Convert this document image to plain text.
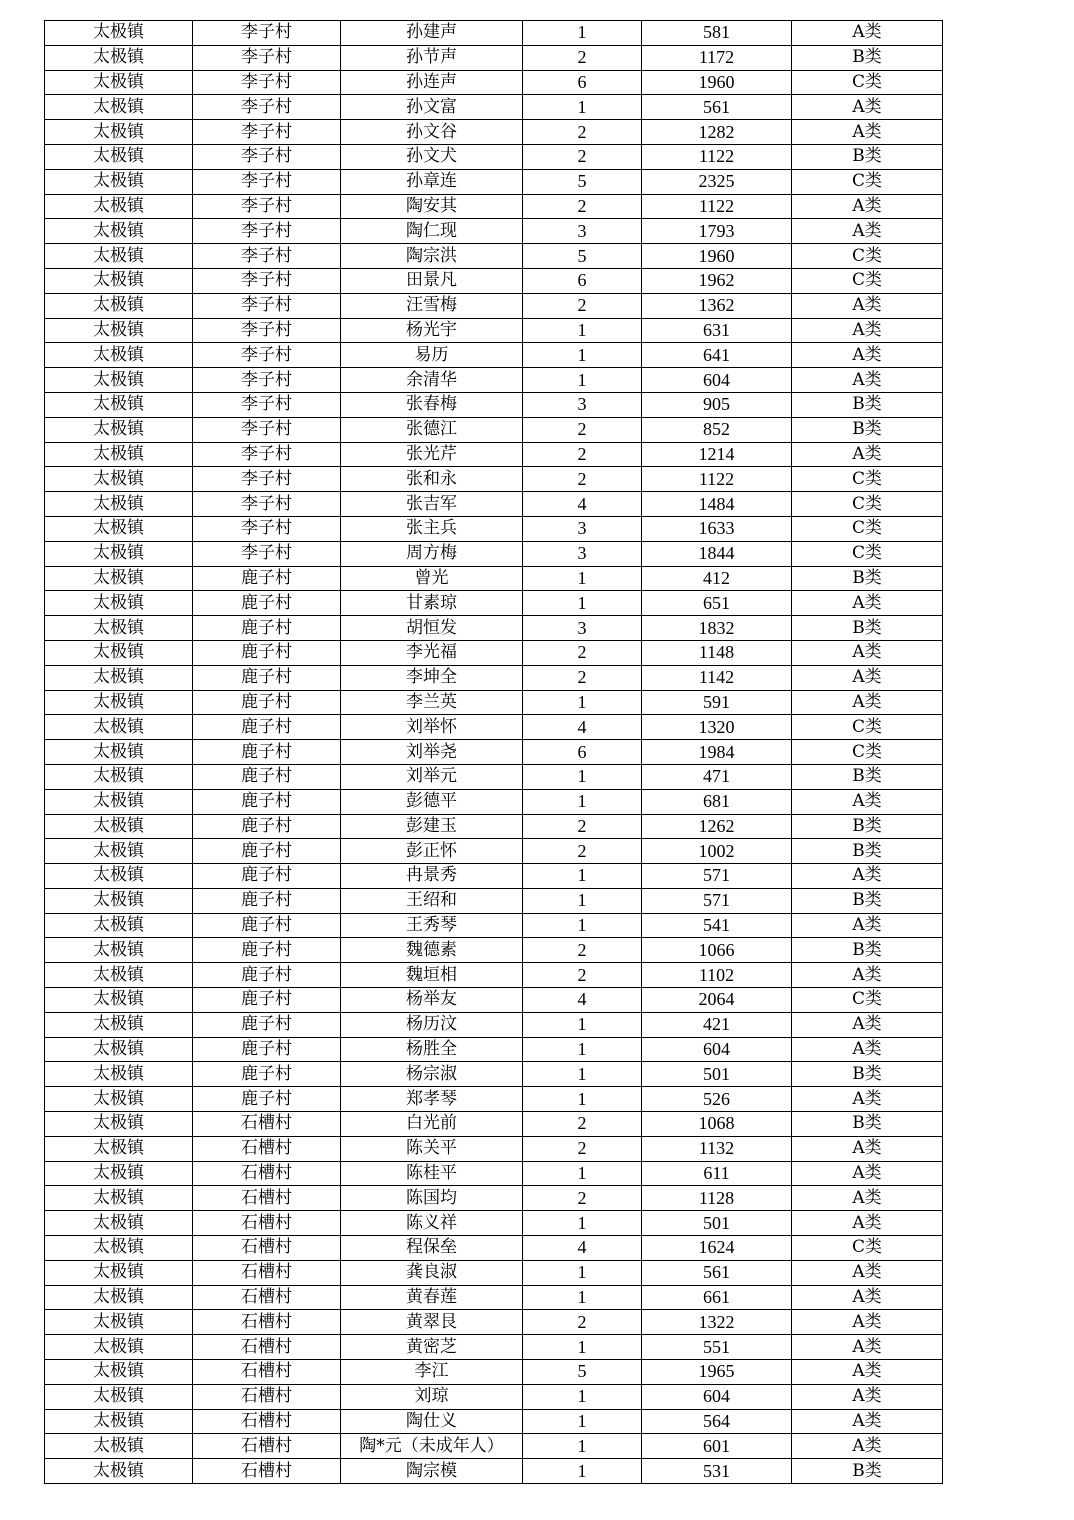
太极镇	李子村	孙建声	1	581	A类
太极镇	李子村	孙节声	2	1172	B类
太极镇	李子村	孙连声	6	1960	C类
太极镇	李子村	孙文富	1	561	A类
太极镇	李子村	孙文谷	2	1282	A类
太极镇	李子村	孙文犬	2	1122	B类
太极镇	李子村	孙章连	5	2325	C类
太极镇	李子村	陶安其	2	1122	A类
太极镇	李子村	陶仁现	3	1793	A类
太极镇	李子村	陶宗洪	5	1960	C类
太极镇	李子村	田景凡	6	1962	C类
太极镇	李子村	汪雪梅	2	1362	A类
太极镇	李子村	杨光宇	1	631	A类
太极镇	李子村	易历	1	641	A类
太极镇	李子村	余清华	1	604	A类
太极镇	李子村	张春梅	3	905	B类
太极镇	李子村	张德江	2	852	B类
太极镇	李子村	张光芹	2	1214	A类
太极镇	李子村	张和永	2	1122	C类
太极镇	李子村	张吉军	4	1484	C类
太极镇	李子村	张主兵	3	1633	C类
太极镇	李子村	周方梅	3	1844	C类
太极镇	鹿子村	曾光	1	412	B类
太极镇	鹿子村	甘素琼	1	651	A类
太极镇	鹿子村	胡恒发	3	1832	B类
太极镇	鹿子村	李光福	2	1148	A类
太极镇	鹿子村	李坤全	2	1142	A类
太极镇	鹿子村	李兰英	1	591	A类
太极镇	鹿子村	刘举怀	4	1320	C类
太极镇	鹿子村	刘举尧	6	1984	C类
太极镇	鹿子村	刘举元	1	471	B类
太极镇	鹿子村	彭德平	1	681	A类
太极镇	鹿子村	彭建玉	2	1262	B类
太极镇	鹿子村	彭正怀	2	1002	B类
太极镇	鹿子村	冉景秀	1	571	A类
太极镇	鹿子村	王绍和	1	571	B类
太极镇	鹿子村	王秀琴	1	541	A类
太极镇	鹿子村	魏德素	2	1066	B类
太极镇	鹿子村	魏垣相	2	1102	A类
太极镇	鹿子村	杨举友	4	2064	C类
太极镇	鹿子村	杨历汶	1	421	A类
太极镇	鹿子村	杨胜全	1	604	A类
太极镇	鹿子村	杨宗淑	1	501	B类
太极镇	鹿子村	郑孝琴	1	526	A类
太极镇	石槽村	白光前	2	1068	B类
太极镇	石槽村	陈关平	2	1132	A类
太极镇	石槽村	陈桂平	1	611	A类
太极镇	石槽村	陈国均	2	1128	A类
太极镇	石槽村	陈义祥	1	501	A类
太极镇	石槽村	程保垒	4	1624	C类
太极镇	石槽村	龚良淑	1	561	A类
太极镇	石槽村	黄春莲	1	661	A类
太极镇	石槽村	黄翠艮	2	1322	A类
太极镇	石槽村	黄密芝	1	551	A类
太极镇	石槽村	李江	5	1965	A类
太极镇	石槽村	刘琼	1	604	A类
太极镇	石槽村	陶仕义	1	564	A类
太极镇	石槽村	陶*元（未成年人）	1	601	A类
太极镇	石槽村	陶宗模	1	531	B类
